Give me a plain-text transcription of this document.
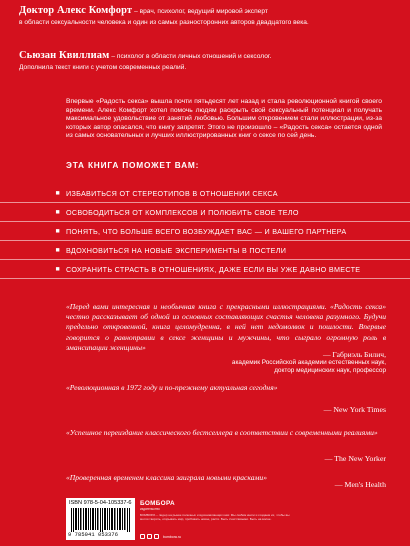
Доктор Алекс Комфорт – врач, психолог, ведущий мировой эксперт
в области сексуальности человека и один из самых разносторонних авторов двадцатого века.
Сьюзан Квиллиам – психолог в области личных отношений и сексолог.
Дополнила текст книги с учетом современных реалий.
Впервые «Радость секса» вышла почти пятьдесят лет назад и стала революционной книгой своего времени. Алекс Комфорт хотел помочь людям раскрыть свой сексуальный потенциал и получать максимальное удовольствие от занятий любовью. Большим откровением стали иллюстрации, из-за которых автор опасался, что книгу запретят. Этого не произошло – «Радость секса» остается одной из самых основательных и лучших иллюстрированных книг о сексе по сей день.
ЭТА КНИГА ПОМОЖЕТ ВАМ:
■ ИЗБАВИТЬСЯ ОТ СТЕРЕОТИПОВ В ОТНОШЕНИИ СЕКСА
■ ОСВОБОДИТЬСЯ ОТ КОМПЛЕКСОВ И ПОЛЮБИТЬ СВОЕ ТЕЛО
■ ПОНЯТЬ, ЧТО БОЛЬШЕ ВСЕГО ВОЗБУЖДАЕТ ВАС — И ВАШЕГО ПАРТНЕРА
■ ВДОХНОВИТЬСЯ НА НОВЫЕ ЭКСПЕРИМЕНТЫ В ПОСТЕЛИ
■ СОХРАНИТЬ СТРАСТЬ В ОТНОШЕНИЯХ, ДАЖЕ ЕСЛИ ВЫ УЖЕ ДАВНО ВМЕСТЕ
«Перед вами интересная и необычная книга с прекрасными иллюстрациями. «Радость секса» честно рассказывает об одной из основных составляющих счастья человека разумного. Будучи предельно откровенной, книга целомудренна, в ней нет недомолвок и пошлости. Впервые говорится о равноправии в сексе женщины и мужчины, что сыграло огромную роль в эмансипации женщины»
— Габриэль Билич,
академик Российской академии естественных наук,
доктор медицинских наук, профессор
«Революционная в 1972 году и по-прежнему актуальная сегодня»
— New York Times
«Успешное переиздание классического бестселлера в соответствии с современными реалиями»
— The New Yorker
«Проверенная временем классика заиграла новыми красками»
— Men's Health
ISBN 978-5-04-105337-6
9 785041 053376
БОМБОРА
издательство
БОМБОРА – лидер на рынке полезных и вдохновляющих книг. Мы любим книги и создаем их, чтобы вы могли творить, открывать мир, пробовать новое, расти. Быть счастливыми. Быть на волне.
bombora.ru
